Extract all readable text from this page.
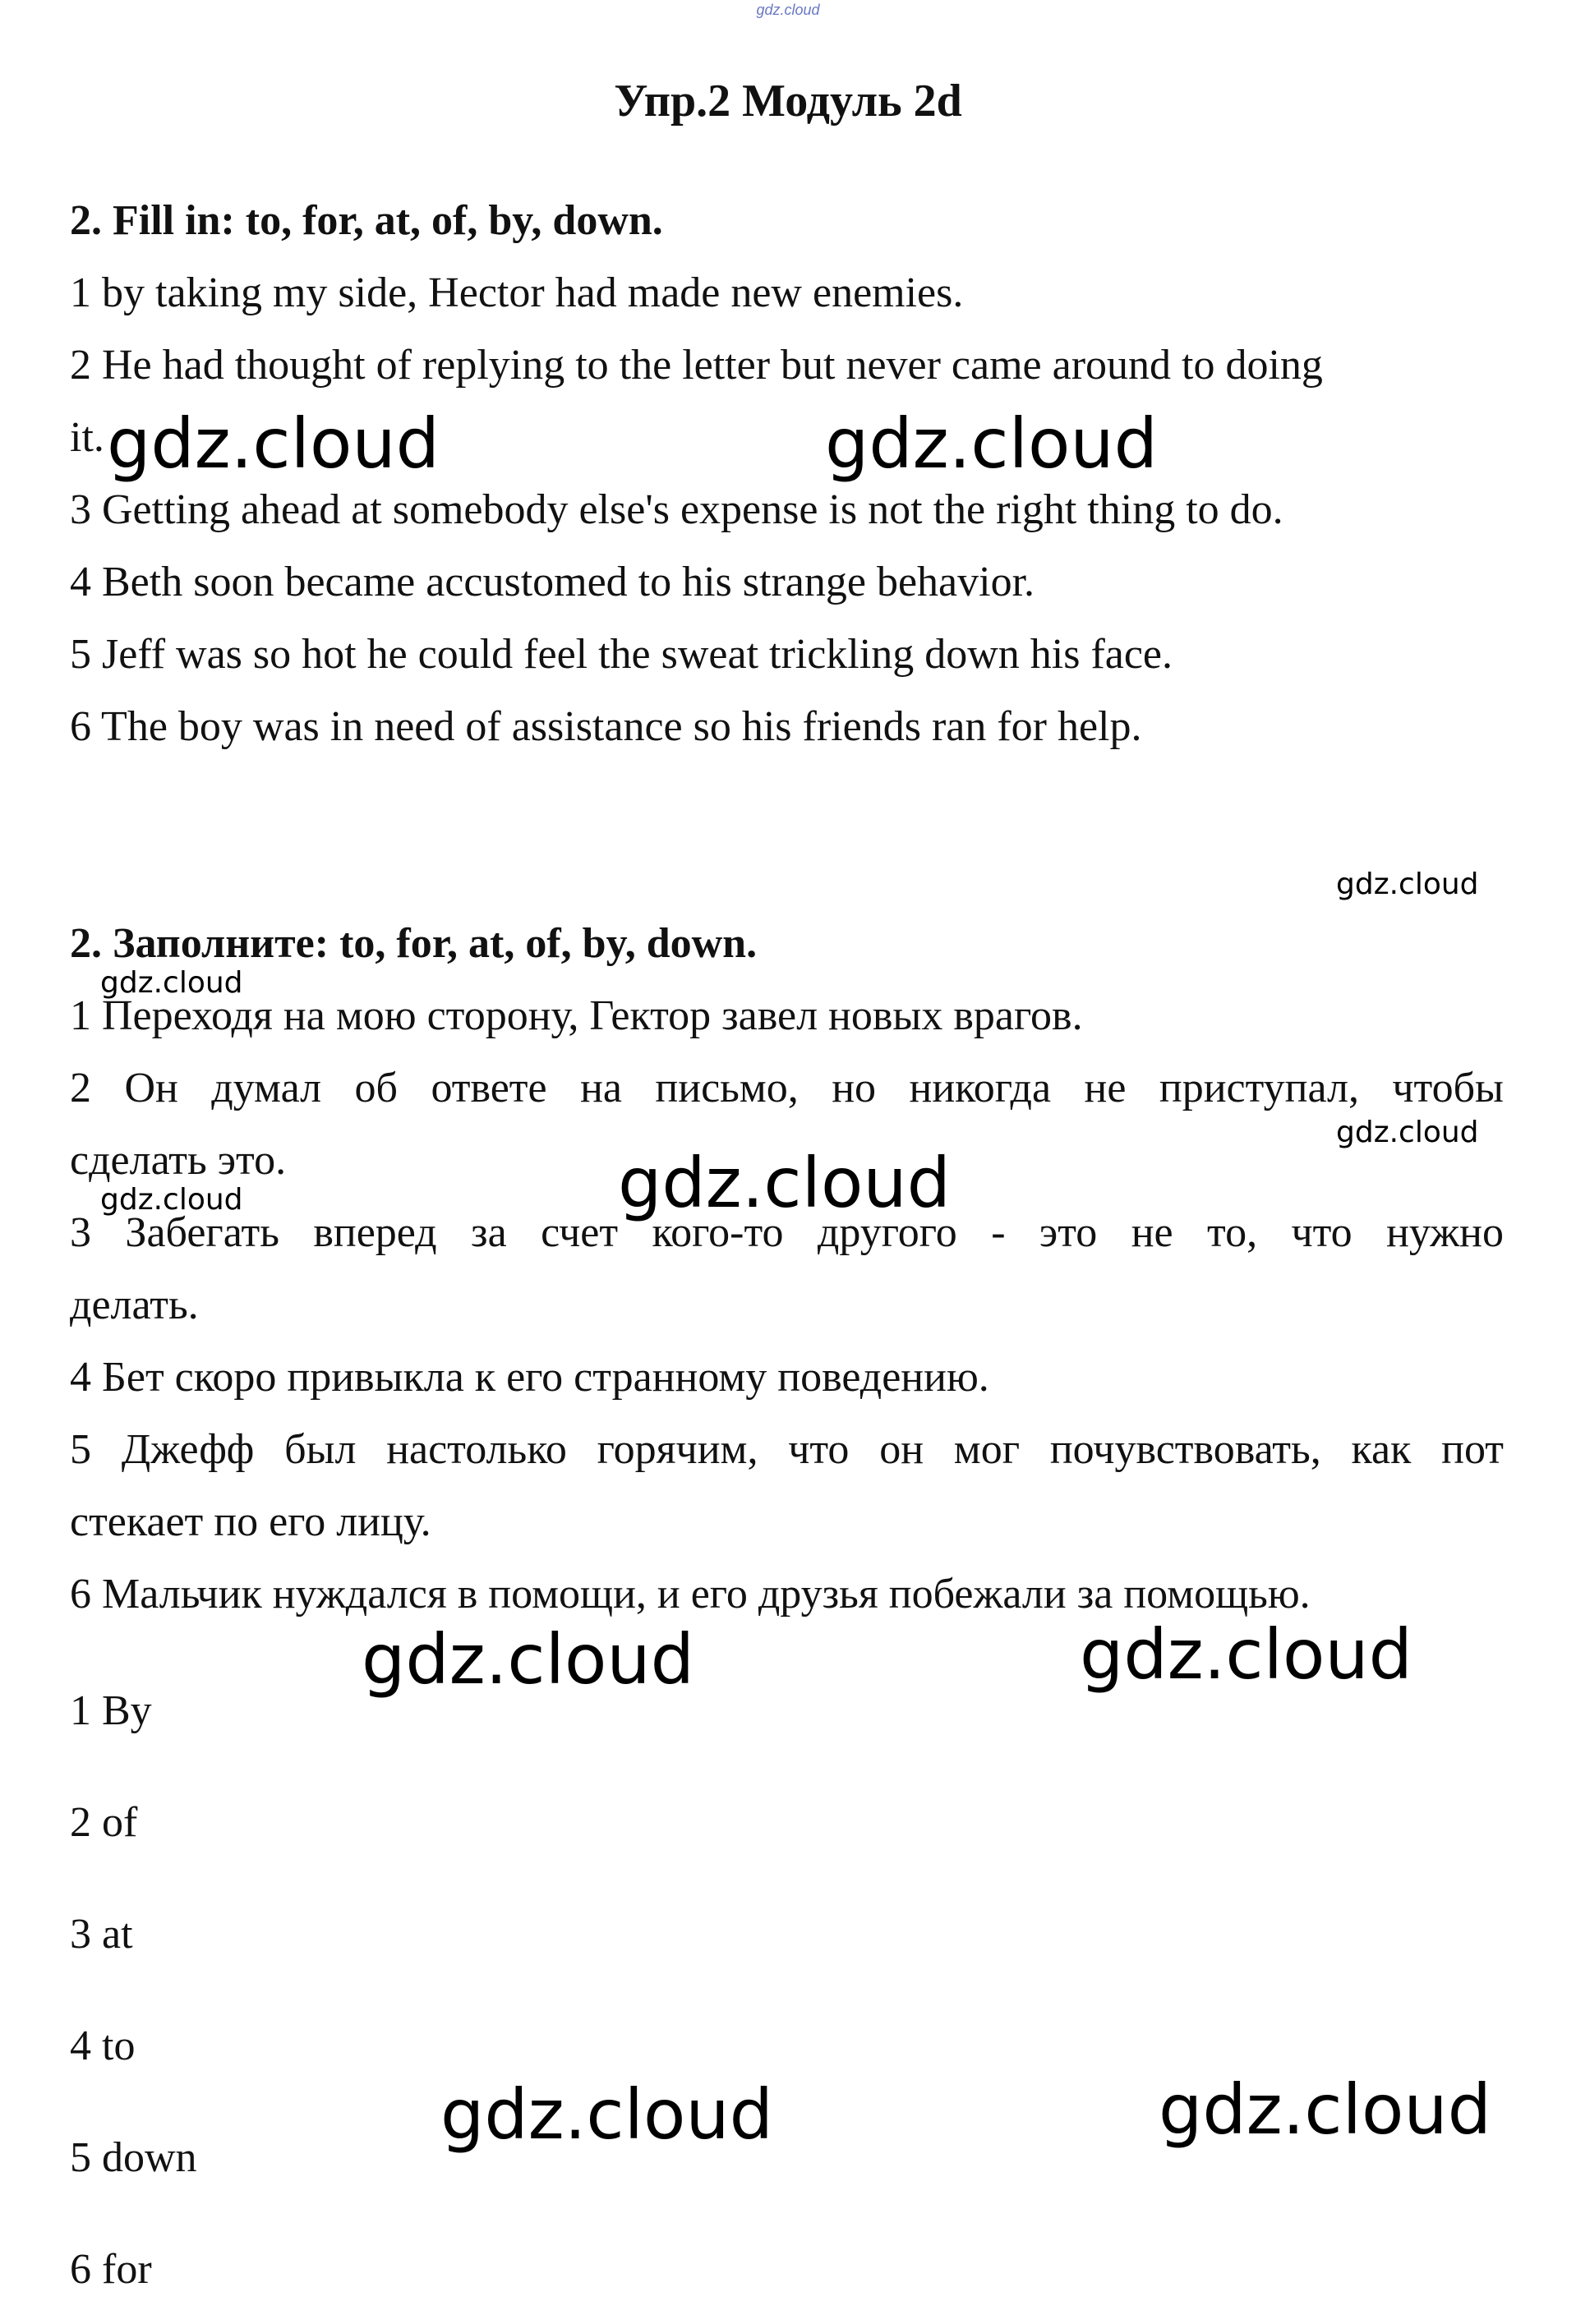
gdz.cloud
Упр.2 Модуль 2d
2. Fill in: to, for, at, of, by, down.
1 by taking my side, Hector had made new enemies.
2 He had thought of replying to the letter but never came around to doing
it.
3 Getting ahead at somebody else's expense is not the right thing to do.
4 Beth soon became accustomed to his strange behavior.
5 Jeff was so hot he could feel the sweat trickling down his face.
6 The boy was in need of assistance so his friends ran for help.
2. Заполните: to, for, at, of, by, down.
1 Переходя на мою сторону, Гектор завел новых врагов.
2 Он думал об ответе на письмо, но никогда не приступал, чтобы
сделать это.
3 Забегать вперед за счет кого-то другого - это не то, что нужно
делать.
4 Бет скоро привыкла к его странному поведению.
5 Джефф был настолько горячим, что он мог почувствовать, как пот
стекает по его лицу.
6 Мальчик нуждался в помощи, и его друзья побежали за помощью.
1 By
2 of
3 at
4 to
5 down
6 for
gdz.cloud	gdz.cloud
gdz.cloud
gdz.cloud	gdz.cloud
gdz.cloud	gdz.cloud
gdz.cloud
gdz.cloud
gdz.cloud
gdz.cloud
